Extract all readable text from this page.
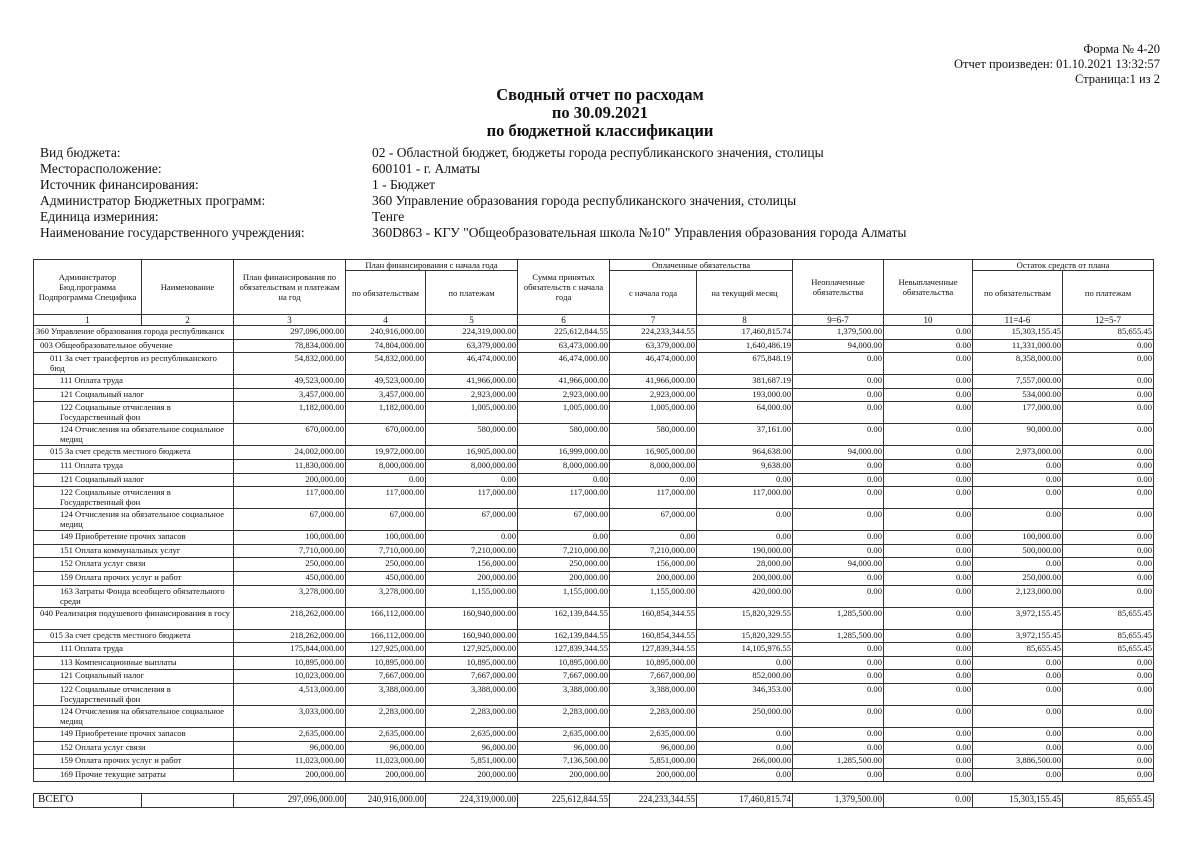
Форма № 4-20
Отчет произведен: 01.10.2021 13:32:57
Страница:1 из 2
Сводный отчет по расходам
по 30.09.2021
по бюджетной классификации
Вид бюджета:	02 - Областной бюджет, бюджеты города республиканского значения, столицы
Месторасположение:	600101 - г. Алматы
Источник финансирования:	1 - Бюджет
Администратор Бюджетных программ:	360 Управление образования города республиканского значения, столицы
Единица измериния:	Тенге
Наименование государственного учреждения:	360D863 - КГУ "Общеобразовательная школа №10" Управления образования города Алматы
Администратор Бюд.программа Подпрограмма Специфика	Наименование	План финансирования по обязательствам и платежам на год	План финансирования с начала года		Сумма принятых обязательств с начала года	Оплаченные обязательства		Неоплаченные обязательства	Невыплаченные обязательства	Остаток средств от плана	
			по обязательствам	по платежам		с начала года	на текущий месяц			по обязательствам	по платежам
1	2	3	4	5	6	7	8	9=6-7	10	11=4-6	12=5-7
360 Управление образования города республиканск		297,096,000.00	240,916,000.00	224,319,000.00	225,612,844.55	224,233,344.55	17,460,815.74	1,379,500.00	0.00	15,303,155.45	85,655.45
003 Общеобразовательное обучение		78,834,000.00	74,804,000.00	63,379,000.00	63,473,000.00	63,379,000.00	1,640,486.19	94,000.00	0.00	11,331,000.00	0.00
011 За счет трансфертов из республиканского бюд		54,832,000.00	54,832,000.00	46,474,000.00	46,474,000.00	46,474,000.00	675,848.19	0.00	0.00	8,358,000.00	0.00
111 Оплата труда		49,523,000.00	49,523,000.00	41,966,000.00	41,966,000.00	41,966,000.00	381,687.19	0.00	0.00	7,557,000.00	0.00
121 Социальный налог		3,457,000.00	3,457,000.00	2,923,000.00	2,923,000.00	2,923,000.00	193,000.00	0.00	0.00	534,000.00	0.00
122 Социальные отчисления в Государственный фон		1,182,000.00	1,182,000.00	1,005,000.00	1,005,000.00	1,005,000.00	64,000.00	0.00	0.00	177,000.00	0.00
124 Отчисления на обязательное социальное медиц		670,000.00	670,000.00	580,000.00	580,000.00	580,000.00	37,161.00	0.00	0.00	90,000.00	0.00
015 За счет средств местного бюджета		24,002,000.00	19,972,000.00	16,905,000.00	16,999,000.00	16,905,000.00	964,638.00	94,000.00	0.00	2,973,000.00	0.00
111 Оплата труда		11,830,000.00	8,000,000.00	8,000,000.00	8,000,000.00	8,000,000.00	9,638.00	0.00	0.00	0.00	0.00
121 Социальный налог		200,000.00	0.00	0.00	0.00	0.00	0.00	0.00	0.00	0.00	0.00
122 Социальные отчисления в Государственный фон		117,000.00	117,000.00	117,000.00	117,000.00	117,000.00	117,000.00	0.00	0.00	0.00	0.00
124 Отчисления на обязательное социальное медиц		67,000.00	67,000.00	67,000.00	67,000.00	67,000.00	0.00	0.00	0.00	0.00	0.00
149 Приобретение прочих запасов		100,000.00	100,000.00	0.00	0.00	0.00	0.00	0.00	0.00	100,000.00	0.00
151 Оплата коммунальных услуг		7,710,000.00	7,710,000.00	7,210,000.00	7,210,000.00	7,210,000.00	190,000.00	0.00	0.00	500,000.00	0.00
152 Оплата услуг связи		250,000.00	250,000.00	156,000.00	250,000.00	156,000.00	28,000.00	94,000.00	0.00	0.00	0.00
159 Оплата прочих услуг и работ		450,000.00	450,000.00	200,000.00	200,000.00	200,000.00	200,000.00	0.00	0.00	250,000.00	0.00
163 Затраты Фонда всеобщего обязательного среди		3,278,000.00	3,278,000.00	1,155,000.00	1,155,000.00	1,155,000.00	420,000.00	0.00	0.00	2,123,000.00	0.00
040 Реализация подушевого финансирования в госу		218,262,000.00	166,112,000.00	160,940,000.00	162,139,844.55	160,854,344.55	15,820,329.55	1,285,500.00	0.00	3,972,155.45	85,655.45
015 За счет средств местного бюджета		218,262,000.00	166,112,000.00	160,940,000.00	162,139,844.55	160,854,344.55	15,820,329.55	1,285,500.00	0.00	3,972,155.45	85,655.45
111 Оплата труда		175,844,000.00	127,925,000.00	127,925,000.00	127,839,344.55	127,839,344.55	14,105,976.55	0.00	0.00	85,655.45	85,655.45
113 Компенсационные выплаты		10,895,000.00	10,895,000.00	10,895,000.00	10,895,000.00	10,895,000.00	0.00	0.00	0.00	0.00	0.00
121 Социальный налог		10,023,000.00	7,667,000.00	7,667,000.00	7,667,000.00	7,667,000.00	852,000.00	0.00	0.00	0.00	0.00
122 Социальные отчисления в Государственный фон		4,513,000.00	3,388,000.00	3,388,000.00	3,388,000.00	3,388,000.00	346,353.00	0.00	0.00	0.00	0.00
124 Отчисления на обязательное социальное медиц		3,033,000.00	2,283,000.00	2,283,000.00	2,283,000.00	2,283,000.00	250,000.00	0.00	0.00	0.00	0.00
149 Приобретение прочих запасов		2,635,000.00	2,635,000.00	2,635,000.00	2,635,000.00	2,635,000.00	0.00	0.00	0.00	0.00	0.00
152 Оплата услуг связи		96,000.00	96,000.00	96,000.00	96,000.00	96,000.00	0.00	0.00	0.00	0.00	0.00
159 Оплата прочих услуг и работ		11,023,000.00	11,023,000.00	5,851,000.00	7,136,500.00	5,851,000.00	266,000.00	1,285,500.00	0.00	3,886,500.00	0.00
169 Прочие текущие затраты		200,000.00	200,000.00	200,000.00	200,000.00	200,000.00	0.00	0.00	0.00	0.00	0.00

ВСЕГО		297,096,000.00	240,916,000.00	224,319,000.00	225,612,844.55	224,233,344.55	17,460,815.74	1,379,500.00	0.00	15,303,155.45	85,655.45
